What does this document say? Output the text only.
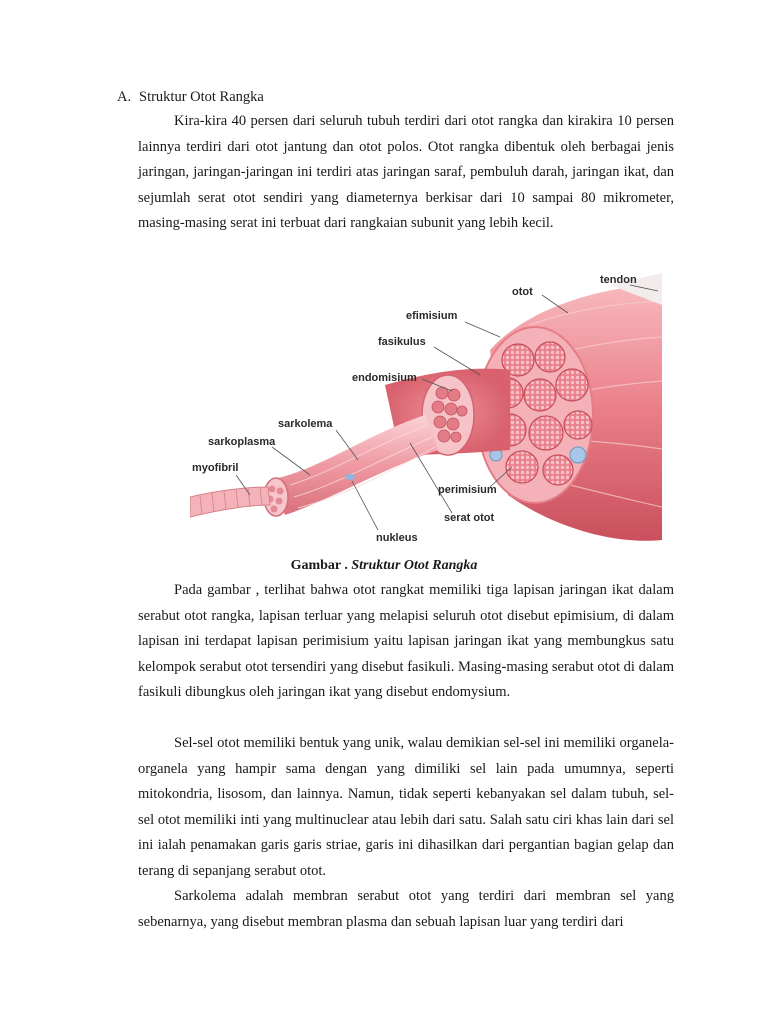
A. Struktur Otot Rangka

Kira-kira 40 persen dari seluruh tubuh terdiri dari otot rangka dan kirakira 10 persen lainnya terdiri dari otot jantung dan otot polos. Otot rangka dibentuk oleh berbagai jenis jaringan, jaringan-jaringan ini terdiri atas jaringan saraf, pembuluh darah, jaringan ikat, dan sejumlah serat otot sendiri yang diameternya berkisar dari 10 sampai 80 mikrometer, masing-masing serat ini terbuat dari rangkaian subunit yang lebih kecil.

tendon
otot
efimisium
fasikulus
endomisium
sarkolema
sarkoplasma
myofibril
perimisium
serat otot
nukleus
Gambar . Struktur Otot Rangka

Pada gambar , terlihat bahwa otot rangkat memiliki tiga lapisan jaringan ikat dalam serabut otot rangka, lapisan terluar yang melapisi seluruh otot disebut epimisium, di dalam lapisan ini terdapat lapisan perimisium yaitu lapisan jaringan ikat yang membungkus satu kelompok serabut otot tersendiri yang disebut fasikuli. Masing-masing serabut otot di dalam fasikuli dibungkus oleh jaringan ikat yang disebut endomysium.

Sel-sel otot memiliki bentuk yang unik, walau demikian sel-sel ini memiliki organela-organela yang hampir sama dengan yang dimiliki sel lain pada umumnya, seperti mitokondria, lisosom, dan lainnya. Namun, tidak seperti kebanyakan sel dalam tubuh, sel-sel otot memiliki inti yang multinuclear atau lebih dari satu. Salah satu ciri khas lain dari sel ini ialah penamakan garis garis striae, garis ini dihasilkan dari pergantian bagian gelap dan terang di sepanjang serabut otot.

Sarkolema adalah membran serabut otot yang terdiri dari membran sel yang sebenarnya, yang disebut membran plasma dan sebuah lapisan luar yang terdiri dari
